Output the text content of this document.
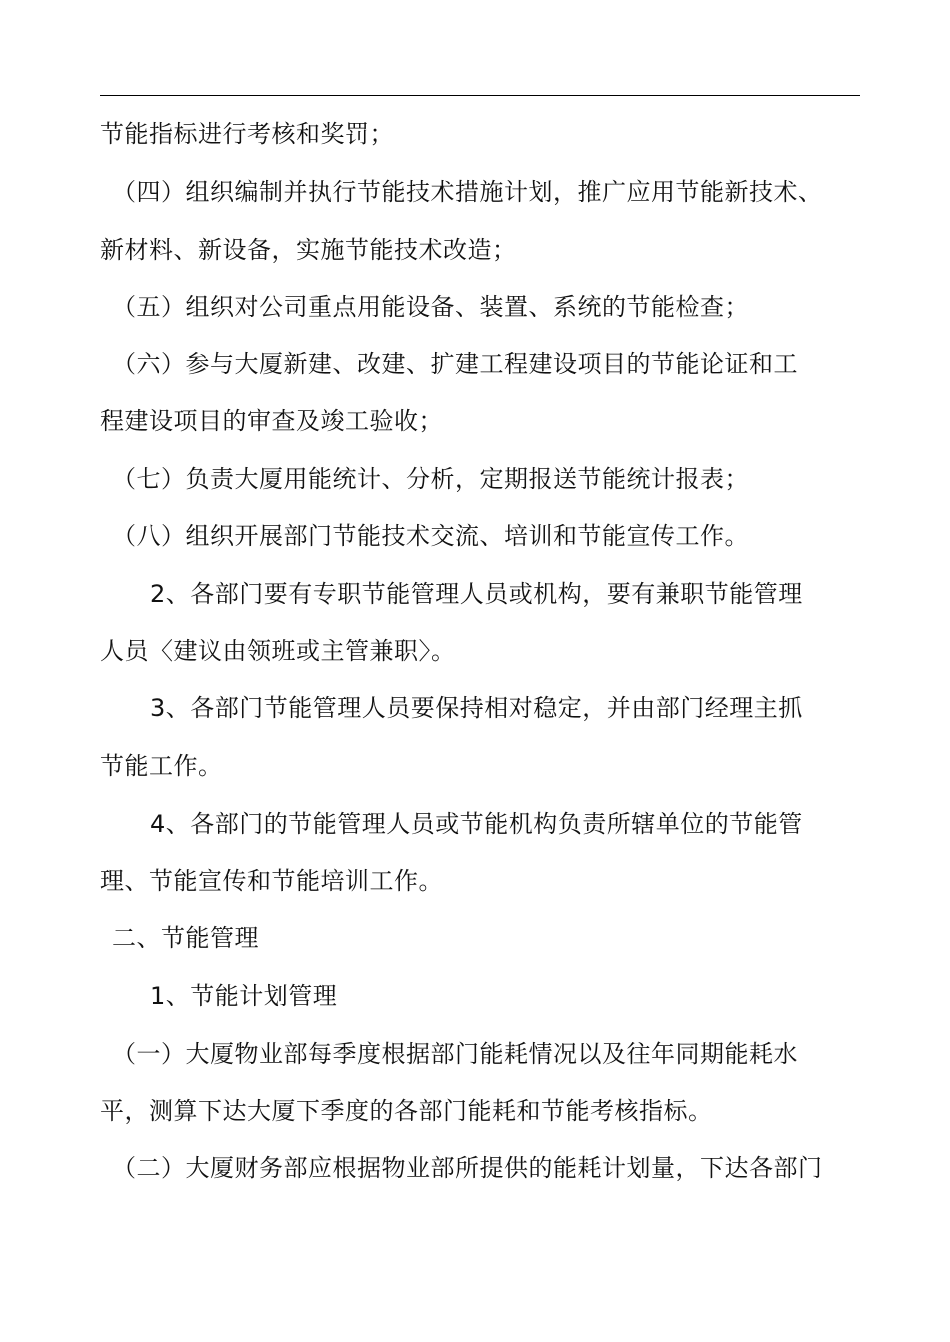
节能指标进行考核和奖罚；
（四）组织编制并执行节能技术措施计划，推广应用节能新技术、
新材料、新设备，实施节能技术改造；
（五）组织对公司重点用能设备、装置、系统的节能检查；
（六）参与大厦新建、改建、扩建工程建设项目的节能论证和工
程建设项目的审查及竣工验收；
（七）负责大厦用能统计、分析，定期报送节能统计报表；
（八）组织开展部门节能技术交流、培训和节能宣传工作。
2、各部门要有专职节能管理人员或机构，要有兼职节能管理
人员〈建议由领班或主管兼职〉。
3、各部门节能管理人员要保持相对稳定，并由部门经理主抓
节能工作。
4、各部门的节能管理人员或节能机构负责所辖单位的节能管
理、节能宣传和节能培训工作。
二、节能管理
1、节能计划管理
（一）大厦物业部每季度根据部门能耗情况以及往年同期能耗水
平，测算下达大厦下季度的各部门能耗和节能考核指标。
（二）大厦财务部应根据物业部所提供的能耗计划量，下达各部门
